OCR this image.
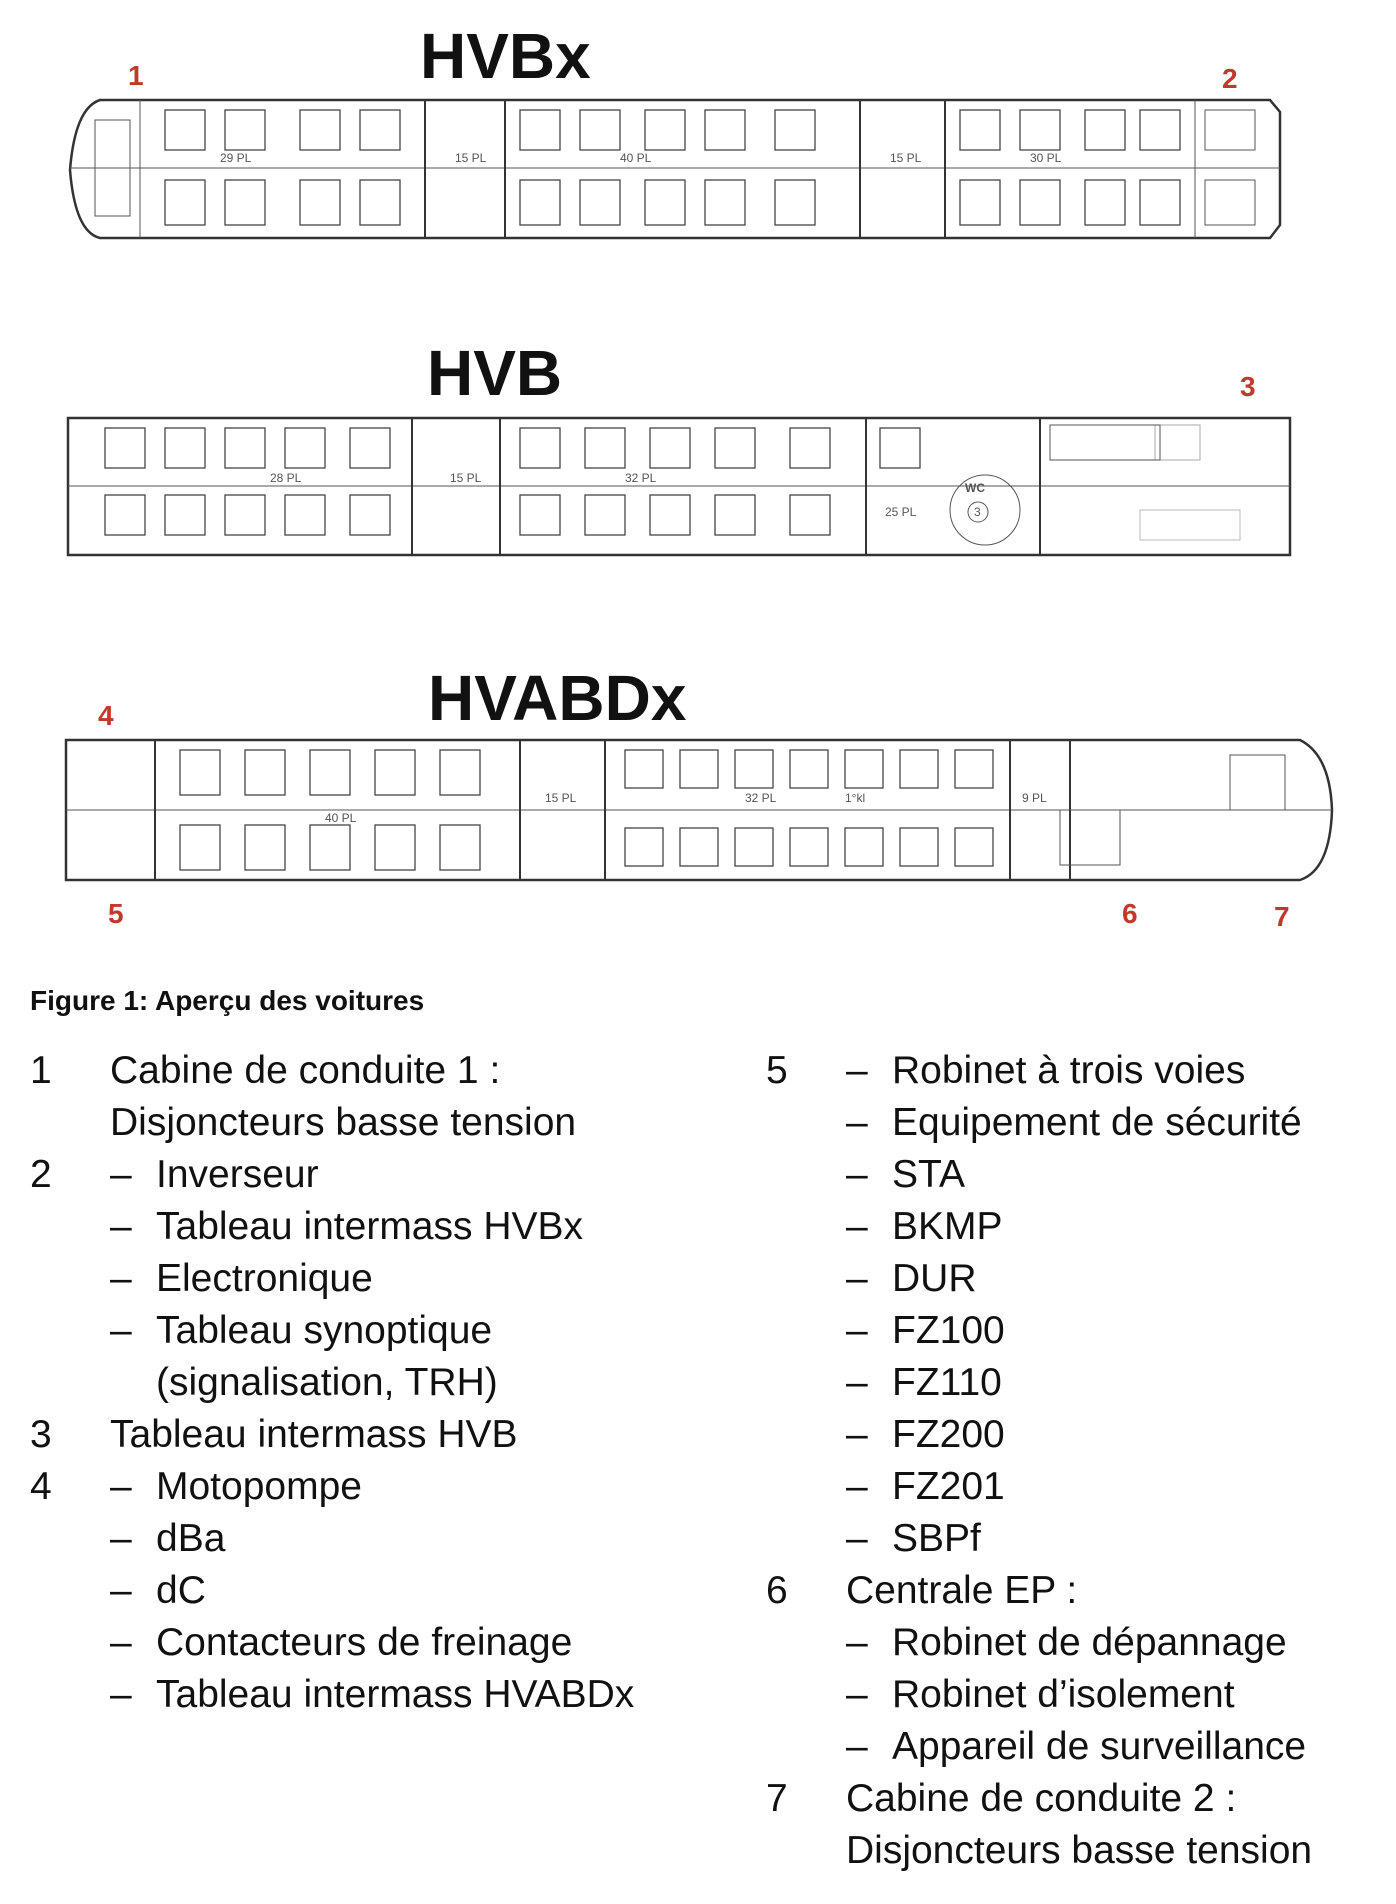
HVBx
29 PL	15 PL	40 PL	15 PL	30 PL
1	2
HVB
3
WC
28 PL	15 PL	32 PL
25 PL
3
HVABDx
40 PL
15 PL	32 PL	1°kl	9 PL
4
5	6	7

Figure 1: Aperçu des voitures

1	Cabine de conduite 1 :
Disjoncteurs basse tension
2	– Inverseur
– Tableau intermass HVBx
– Electronique
– Tableau synoptique
(signalisation, TRH)
3	Tableau intermass HVB
4	– Motopompe
– dBa
– dC
– Contacteurs de freinage
– Tableau intermass HVABDx
5	– Robinet à trois voies
– Equipement de sécurité
– STA
– BKMP
– DUR
– FZ100
– FZ110
– FZ200
– FZ201
– SBPf
6	Centrale EP :
– Robinet de dépannage
– Robinet d’isolement
– Appareil de surveillance
7	Cabine de conduite 2 :
Disjoncteurs basse tension
